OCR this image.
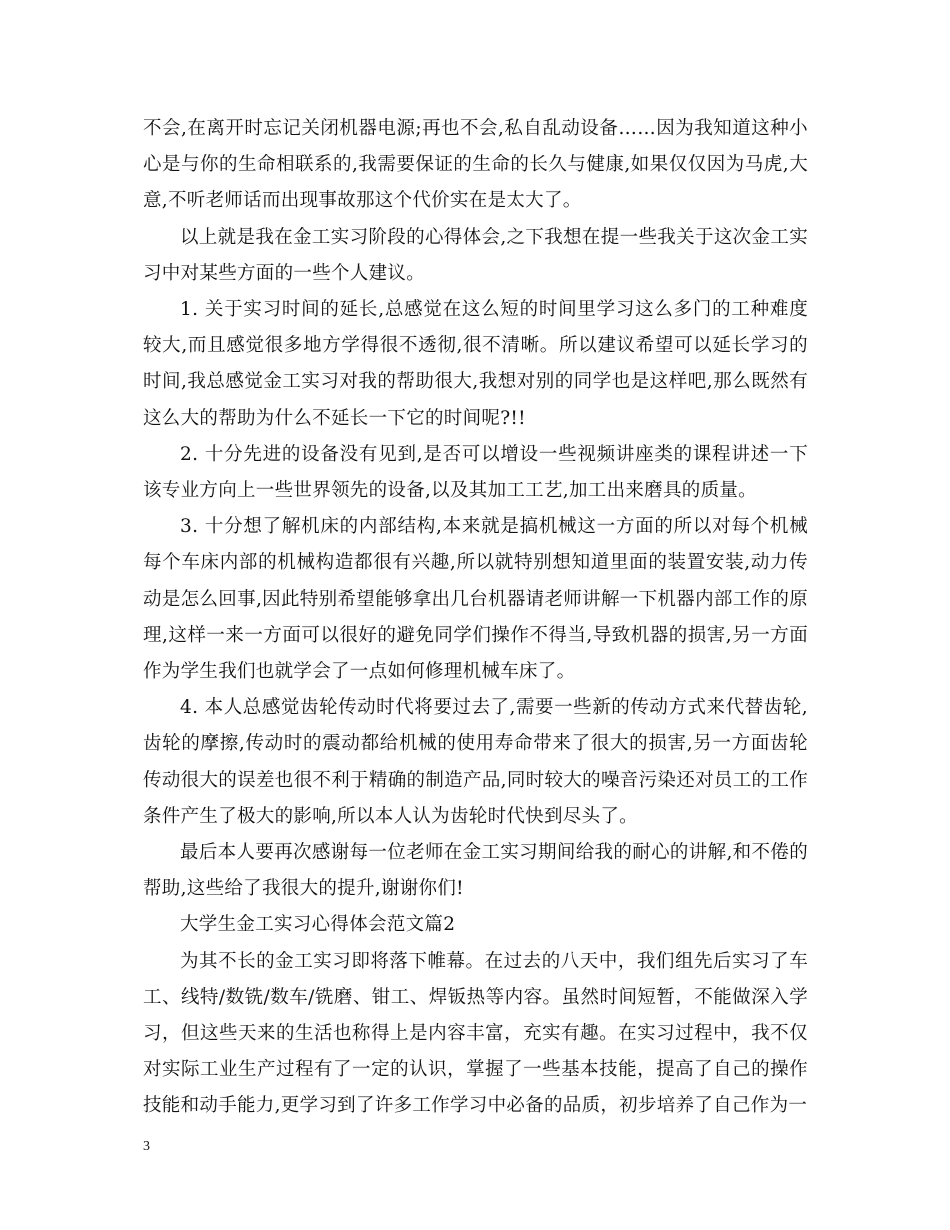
不会,在离开时忘记关闭机器电源;再也不会,私自乱动设备……因为我知道这种小心是与你的生命相联系的,我需要保证的生命的长久与健康,如果仅仅因为马虎,大意,不听老师话而出现事故那这个代价实在是太大了。

以上就是我在金工实习阶段的心得体会,之下我想在提一些我关于这次金工实习中对某些方面的一些个人建议。

1. 关于实习时间的延长,总感觉在这么短的时间里学习这么多门的工种难度较大,而且感觉很多地方学得很不透彻,很不清晰。所以建议希望可以延长学习的时间,我总感觉金工实习对我的帮助很大,我想对别的同学也是这样吧,那么既然有这么大的帮助为什么不延长一下它的时间呢?!!

2. 十分先进的设备没有见到,是否可以增设一些视频讲座类的课程讲述一下该专业方向上一些世界领先的设备,以及其加工工艺,加工出来磨具的质量。

3. 十分想了解机床的内部结构,本来就是搞机械这一方面的所以对每个机械每个车床内部的机械构造都很有兴趣,所以就特别想知道里面的装置安装,动力传动是怎么回事,因此特别希望能够拿出几台机器请老师讲解一下机器内部工作的原理,这样一来一方面可以很好的避免同学们操作不得当,导致机器的损害,另一方面作为学生我们也就学会了一点如何修理机械车床了。

4. 本人总感觉齿轮传动时代将要过去了,需要一些新的传动方式来代替齿轮,齿轮的摩擦,传动时的震动都给机械的使用寿命带来了很大的损害,另一方面齿轮传动很大的误差也很不利于精确的制造产品,同时较大的噪音污染还对员工的工作条件产生了极大的影响,所以本人认为齿轮时代快到尽头了。

最后本人要再次感谢每一位老师在金工实习期间给我的耐心的讲解,和不倦的帮助,这些给了我很大的提升,谢谢你们!

大学生金工实习心得体会范文篇2

为其不长的金工实习即将落下帷幕。在过去的八天中，我们组先后实习了车工、线特/数铣/数车/铣磨、钳工、焊钣热等内容。虽然时间短暂，不能做深入学习，但这些天来的生活也称得上是内容丰富，充实有趣。在实习过程中，我不仅对实际工业生产过程有了一定的认识，掌握了一些基本技能，提高了自己的操作技能和动手能力,更学习到了许多工作学习中必备的品质，初步培养了自己作为一

3
